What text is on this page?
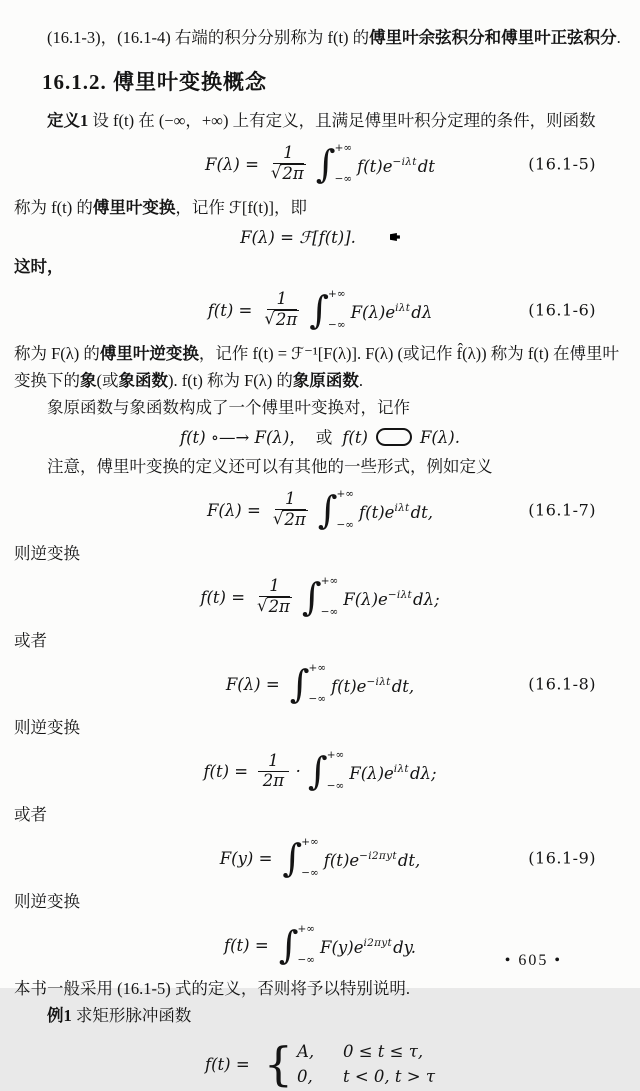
(16.1-3)，(16.1-4) 右端的积分分别称为 f(t) 的傅里叶余弦积分和傅里叶正弦积分.

16.1.2. 傅里叶变换概念

定义1 设 f(t) 在 (−∞，+∞) 上有定义，且满足傅里叶积分定理的条件，则函数

$F(\lambda) = \frac{1}{√ 2\pi}$ ∫ +∞
−∞
$f(t)e^{-i\lambda t}dt$	(16.1-5)

称为 f(t) 的傅里叶变换，记作 ℱ[f(t)]，即

F(λ) = ℱ[f(t)].

这时，

$f(t) = \frac{1}{√ 2\pi}$ ∫ +∞
−∞
$F(\lambda)e^{i\lambda t}d\lambda$	(16.1-6)

称为 F(λ) 的傅里叶逆变换，记作 f(t) = ℱ⁻¹[F(λ)]. F(λ) (或记作 f̂(λ)) 称为 f(t) 在傅里叶变换下的象(或象函数). f(t) 称为 F(λ) 的象原函数.

象原函数与象函数构成了一个傅里叶变换对，记作

f(t) ∘—→ F(λ)， 或 f(t)	F(λ).

注意，傅里叶变换的定义还可以有其他的一些形式，例如定义

$F(\lambda) = \frac{1}{√ 2\pi}$ ∫ +∞
−∞
$f(t)e^{i\lambda t}dt$,	(16.1-7)

则逆变换

$f(t) = \frac{1}{√ 2\pi}$ ∫ +∞
−∞
$F(\lambda)e^{-i\lambda t}d\lambda$;

或者

F(λ) = ∫ +∞
−∞
$f(t)e^{-i\lambda t}dt$,	(16.1-8)

则逆变换

$f(t) = \frac{1}{2\pi}$ · ∫ +∞
−∞
$F(\lambda)e^{i\lambda t}d\lambda$;

或者

F(y) = ∫ +∞
−∞
$f(t)e^{-i2\pi yt}dt$,	(16.1-9)

则逆变换

f(t) = ∫ +∞
−∞
$F(y)e^{i2\pi yt}dy$.

本书一般采用 (16.1-5) 式的定义，否则将予以特别说明.

例1 求矩形脉冲函数

f(t) = { A,	0 ≤ t ≤ τ,
0,	t < 0, t > τ
• 605 •
